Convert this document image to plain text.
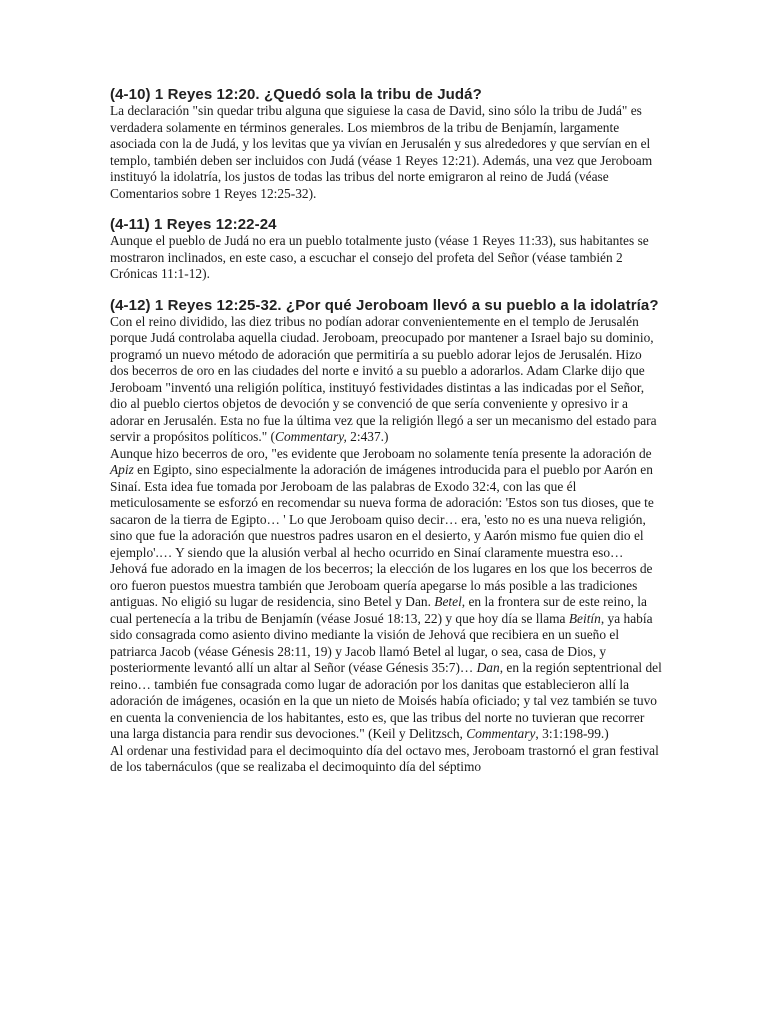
(4-10) 1 Reyes 12:20. ¿Quedó sola la tribu de Judá?

La declaración "sin quedar tribu alguna que siguiese la casa de David, sino sólo la tribu de Judá" es verdadera solamente en términos generales. Los miembros de la tribu de Benjamín, largamente asociada con la de Judá, y los levitas que ya vivían en Jerusalén y sus alrededores y que servían en el templo, también deben ser incluidos con Judá (véase 1 Reyes 12:21). Además, una vez que Jeroboam instituyó la idolatría, los justos de todas las tribus del norte emigraron al reino de Judá (véase Comentarios sobre 1 Reyes 12:25-32).

(4-11) 1 Reyes 12:22-24

Aunque el pueblo de Judá no era un pueblo totalmente justo (véase 1 Reyes 11:33), sus habitantes se mostraron inclinados, en este caso, a escuchar el consejo del profeta del Señor (véase también 2 Crónicas 11:1-12).

(4-12) 1 Reyes 12:25-32. ¿Por qué Jeroboam llevó a su pueblo a la idolatría?

Con el reino dividido, las diez tribus no podían adorar convenientemente en el templo de Jerusalén porque Judá controlaba aquella ciudad. Jeroboam, preocupado por mantener a Israel bajo su dominio, programó un nuevo método de adoración que permitiría a su pueblo adorar lejos de Jerusalén. Hizo dos becerros de oro en las ciudades del norte e invitó a su pueblo a adorarlos. Adam Clarke dijo que Jeroboam "inventó una religión política, instituyó festividades distintas a las indicadas por el Señor, dio al pueblo ciertos objetos de devoción y se convenció de que sería conveniente y opresivo ir a adorar en Jerusalén. Esta no fue la última vez que la religión llegó a ser un mecanismo del estado para servir a propósitos políticos." (Commentary, 2:437.)

Aunque hizo becerros de oro, "es evidente que Jeroboam no solamente tenía presente la adoración de Apiz en Egipto, sino especialmente la adoración de imágenes introducida para el pueblo por Aarón en Sinaí. Esta idea fue tomada por Jeroboam de las palabras de Exodo 32:4, con las que él meticulosamente se esforzó en recomendar su nueva forma de adoración: 'Estos son tus dioses, que te sacaron de la tierra de Egipto… ' Lo que Jeroboam quiso decir… era, 'esto no es una nueva religión, sino que fue la adoración que nuestros padres usaron en el desierto, y Aarón mismo fue quien dio el ejemplo'.… Y siendo que la alusión verbal al hecho ocurrido en Sinaí claramente muestra eso… Jehová fue adorado en la imagen de los becerros; la elección de los lugares en los que los becerros de oro fueron puestos muestra también que Jeroboam quería apegarse lo más posible a las tradiciones antiguas. No eligió su lugar de residencia, sino Betel y Dan. Betel, en la frontera sur de este reino, la cual pertenecía a la tribu de Benjamín (véase Josué 18:13, 22) y que hoy día se llama Beitín, ya había sido consagrada como asiento divino mediante la visión de Jehová que recibiera en un sueño el patriarca Jacob (véase Génesis 28:11, 19) y Jacob llamó Betel al lugar, o sea, casa de Dios, y posteriormente levantó allí un altar al Señor (véase Génesis 35:7)… Dan, en la región septentrional del reino… también fue consagrada como lugar de adoración por los danitas que establecieron allí la adoración de imágenes, ocasión en la que un nieto de Moisés había oficiado; y tal vez también se tuvo en cuenta la conveniencia de los habitantes, esto es, que las tribus del norte no tuvieran que recorrer una larga distancia para rendir sus devociones." (Keil y Delitzsch, Commentary, 3:1:198-99.)

Al ordenar una festividad para el decimoquinto día del octavo mes, Jeroboam trastornó el gran festival de los tabernáculos (que se realizaba el decimoquinto día del séptimo
